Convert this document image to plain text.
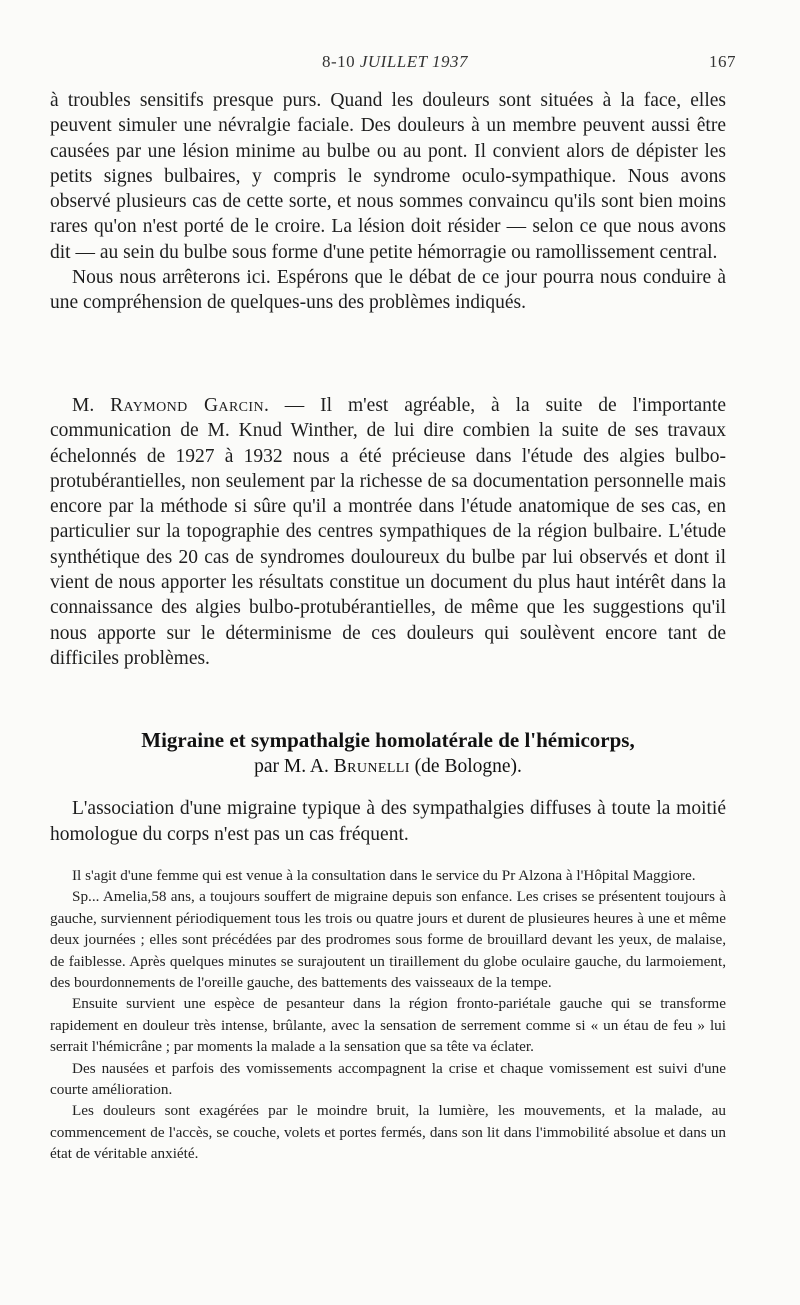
8-10 JUILLET 1937	167

à troubles sensitifs presque purs. Quand les douleurs sont situées à la face, elles peuvent simuler une névralgie faciale. Des douleurs à un membre peuvent aussi être causées par une lésion minime au bulbe ou au pont. Il convient alors de dépister les petits signes bulbaires, y compris le syndrome oculo-sympathique. Nous avons observé plusieurs cas de cette sorte, et nous sommes convaincu qu'ils sont bien moins rares qu'on n'est porté de le croire. La lésion doit résider — selon ce que nous avons dit — au sein du bulbe sous forme d'une petite hémorragie ou ramollissement central.

Nous nous arrêterons ici. Espérons que le débat de ce jour pourra nous conduire à une compréhension de quelques-uns des problèmes indiqués.

M. Raymond Garcin. — Il m'est agréable, à la suite de l'importante communication de M. Knud Winther, de lui dire combien la suite de ses travaux échelonnés de 1927 à 1932 nous a été précieuse dans l'étude des algies bulbo-protubérantielles, non seulement par la richesse de sa documentation personnelle mais encore par la méthode si sûre qu'il a montrée dans l'étude anatomique de ses cas, en particulier sur la topographie des centres sympathiques de la région bulbaire. L'étude synthétique des 20 cas de syndromes douloureux du bulbe par lui observés et dont il vient de nous apporter les résultats constitue un document du plus haut intérêt dans la connaissance des algies bulbo-protubérantielles, de même que les suggestions qu'il nous apporte sur le déterminisme de ces douleurs qui soulèvent encore tant de difficiles problèmes.

Migraine et sympathalgie homolatérale de l'hémicorps,
par M. A. Brunelli (de Bologne).

L'association d'une migraine typique à des sympathalgies diffuses à toute la moitié homologue du corps n'est pas un cas fréquent.

Il s'agit d'une femme qui est venue à la consultation dans le service du Pr Alzona à l'Hôpital Maggiore.

Sp... Amelia,58 ans, a toujours souffert de migraine depuis son enfance. Les crises se présentent toujours à gauche, surviennent périodiquement tous les trois ou quatre jours et durent de plusieures heures à une et même deux journées ; elles sont précédées par des prodromes sous forme de brouillard devant les yeux, de malaise, de faiblesse. Après quelques minutes se surajoutent un tiraillement du globe oculaire gauche, du larmoiement, des bourdonnements de l'oreille gauche, des battements des vaisseaux de la tempe.

Ensuite survient une espèce de pesanteur dans la région fronto-pariétale gauche qui se transforme rapidement en douleur très intense, brûlante, avec la sensation de serrement comme si « un étau de feu » lui serrait l'hémicrâne ; par moments la malade a la sensation que sa tête va éclater.

Des nausées et parfois des vomissements accompagnent la crise et chaque vomissement est suivi d'une courte amélioration.

Les douleurs sont exagérées par le moindre bruit, la lumière, les mouvements, et la malade, au commencement de l'accès, se couche, volets et portes fermés, dans son lit dans l'immobilité absolue et dans un état de véritable anxiété.
